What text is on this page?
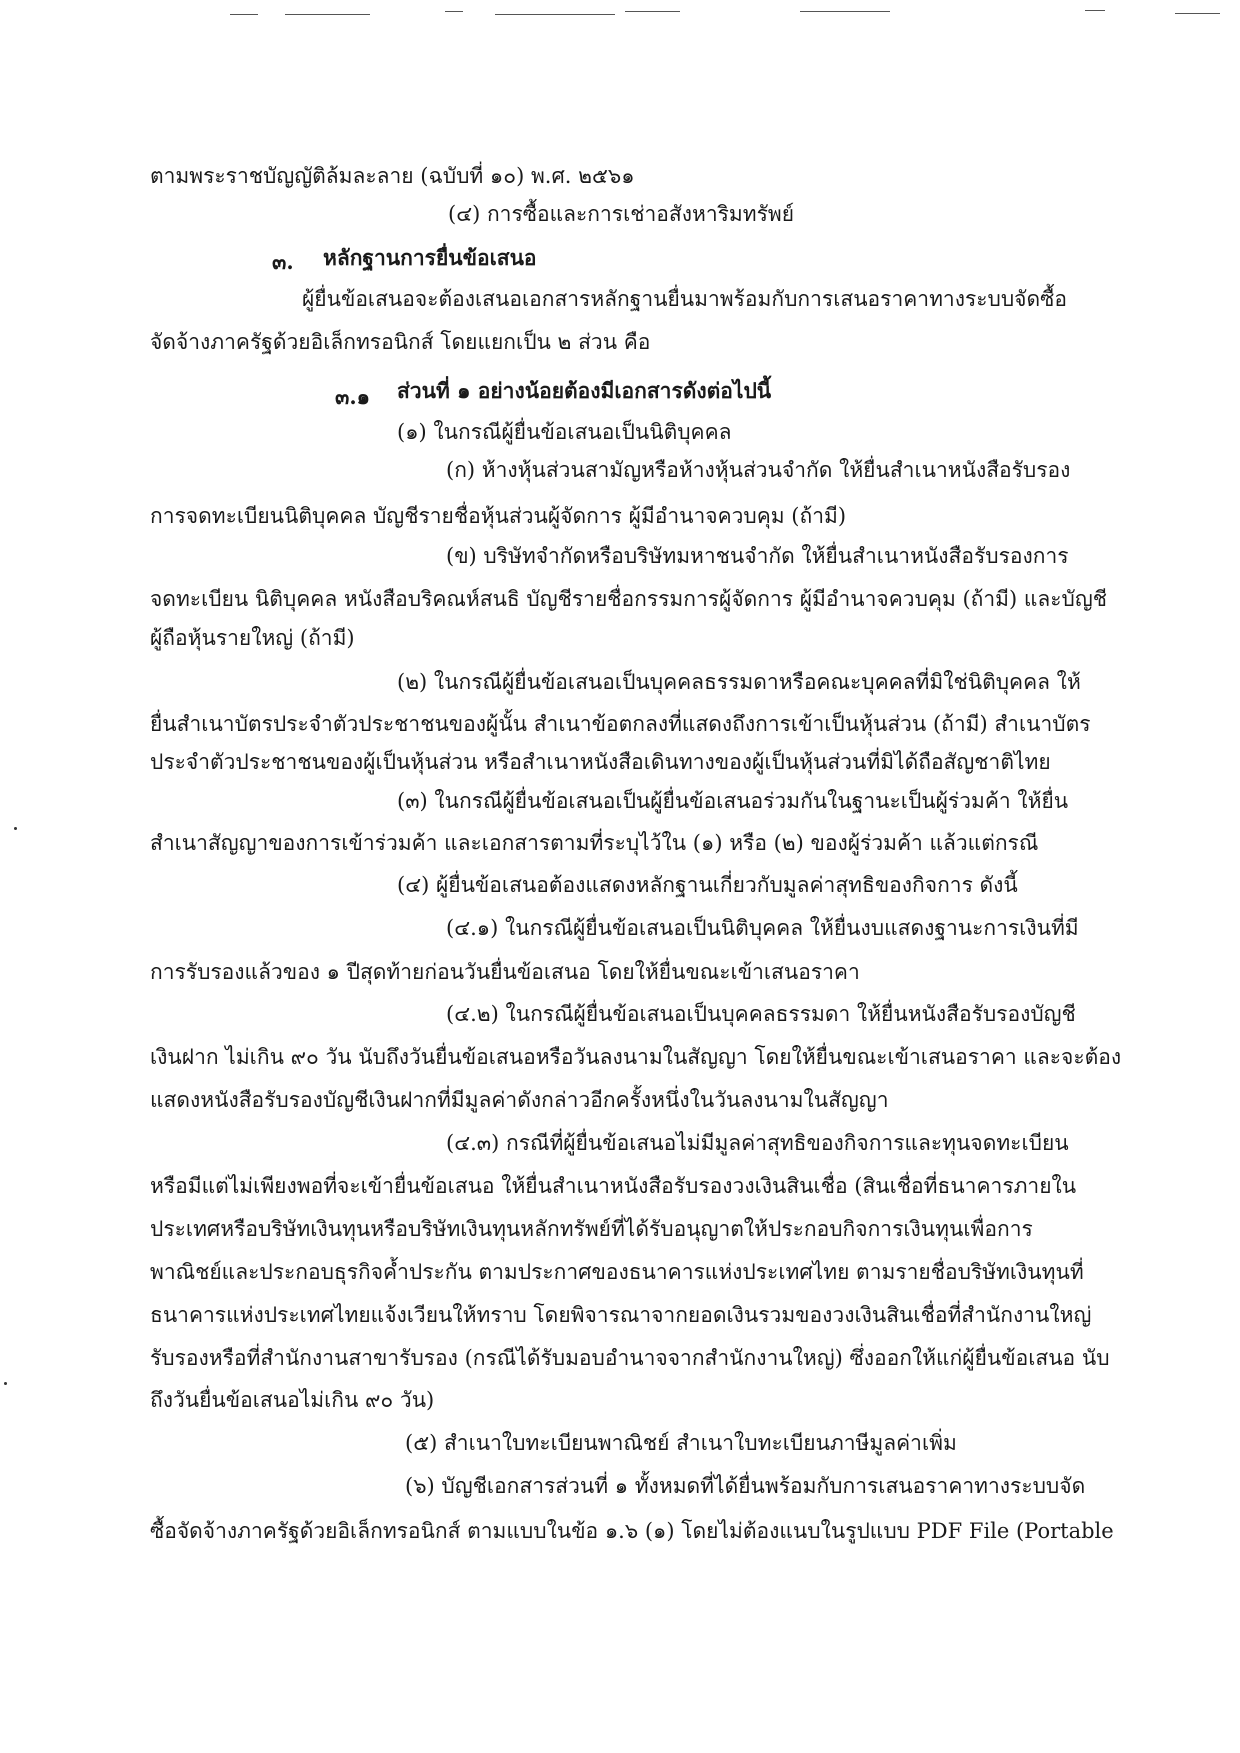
ตามพระราชบัญญัติล้มละลาย (ฉบับที่ ๑๐) พ.ศ. ๒๕๖๑
(๔) การซื้อและการเช่าอสังหาริมทรัพย์
๓. หลักฐานการยื่นข้อเสนอ
ผู้ยื่นข้อเสนอจะต้องเสนอเอกสารหลักฐานยื่นมาพร้อมกับการเสนอราคาทางระบบจัดซื้อ
จัดจ้างภาครัฐด้วยอิเล็กทรอนิกส์ โดยแยกเป็น ๒ ส่วน คือ
๓.๑ ส่วนที่ ๑ อย่างน้อยต้องมีเอกสารดังต่อไปนี้
(๑) ในกรณีผู้ยื่นข้อเสนอเป็นนิติบุคคล
(ก) ห้างหุ้นส่วนสามัญหรือห้างหุ้นส่วนจำกัด ให้ยื่นสำเนาหนังสือรับรอง
การจดทะเบียนนิติบุคคล บัญชีรายชื่อหุ้นส่วนผู้จัดการ ผู้มีอำนาจควบคุม (ถ้ามี)
(ข) บริษัทจำกัดหรือบริษัทมหาชนจำกัด ให้ยื่นสำเนาหนังสือรับรองการ
จดทะเบียน นิติบุคคล หนังสือบริคณห์สนธิ บัญชีรายชื่อกรรมการผู้จัดการ ผู้มีอำนาจควบคุม (ถ้ามี) และบัญชี
ผู้ถือหุ้นรายใหญ่ (ถ้ามี)
(๒) ในกรณีผู้ยื่นข้อเสนอเป็นบุคคลธรรมดาหรือคณะบุคคลที่มิใช่นิติบุคคล ให้
ยื่นสำเนาบัตรประจำตัวประชาชนของผู้นั้น สำเนาข้อตกลงที่แสดงถึงการเข้าเป็นหุ้นส่วน (ถ้ามี) สำเนาบัตร
ประจำตัวประชาชนของผู้เป็นหุ้นส่วน หรือสำเนาหนังสือเดินทางของผู้เป็นหุ้นส่วนที่มิได้ถือสัญชาติไทย
(๓) ในกรณีผู้ยื่นข้อเสนอเป็นผู้ยื่นข้อเสนอร่วมกันในฐานะเป็นผู้ร่วมค้า ให้ยื่น
สำเนาสัญญาของการเข้าร่วมค้า และเอกสารตามที่ระบุไว้ใน (๑) หรือ (๒) ของผู้ร่วมค้า แล้วแต่กรณี
(๔) ผู้ยื่นข้อเสนอต้องแสดงหลักฐานเกี่ยวกับมูลค่าสุทธิของกิจการ ดังนี้
(๔.๑) ในกรณีผู้ยื่นข้อเสนอเป็นนิติบุคคล ให้ยื่นงบแสดงฐานะการเงินที่มี
การรับรองแล้วของ ๑ ปีสุดท้ายก่อนวันยื่นข้อเสนอ โดยให้ยื่นขณะเข้าเสนอราคา
(๔.๒) ในกรณีผู้ยื่นข้อเสนอเป็นบุคคลธรรมดา ให้ยื่นหนังสือรับรองบัญชี
เงินฝาก ไม่เกิน ๙๐ วัน นับถึงวันยื่นข้อเสนอหรือวันลงนามในสัญญา โดยให้ยื่นขณะเข้าเสนอราคา และจะต้อง
แสดงหนังสือรับรองบัญชีเงินฝากที่มีมูลค่าดังกล่าวอีกครั้งหนึ่งในวันลงนามในสัญญา
(๔.๓) กรณีที่ผู้ยื่นข้อเสนอไม่มีมูลค่าสุทธิของกิจการและทุนจดทะเบียน
หรือมีแต่ไม่เพียงพอที่จะเข้ายื่นข้อเสนอ ให้ยื่นสำเนาหนังสือรับรองวงเงินสินเชื่อ (สินเชื่อที่ธนาคารภายใน
ประเทศหรือบริษัทเงินทุนหรือบริษัทเงินทุนหลักทรัพย์ที่ได้รับอนุญาตให้ประกอบกิจการเงินทุนเพื่อการ
พาณิชย์และประกอบธุรกิจค้ำประกัน ตามประกาศของธนาคารแห่งประเทศไทย ตามรายชื่อบริษัทเงินทุนที่
ธนาคารแห่งประเทศไทยแจ้งเวียนให้ทราบ โดยพิจารณาจากยอดเงินรวมของวงเงินสินเชื่อที่สำนักงานใหญ่
รับรองหรือที่สำนักงานสาขารับรอง (กรณีได้รับมอบอำนาจจากสำนักงานใหญ่) ซึ่งออกให้แก่ผู้ยื่นข้อเสนอ นับ
ถึงวันยื่นข้อเสนอไม่เกิน ๙๐ วัน)
(๕) สำเนาใบทะเบียนพาณิชย์ สำเนาใบทะเบียนภาษีมูลค่าเพิ่ม
(๖) บัญชีเอกสารส่วนที่ ๑ ทั้งหมดที่ได้ยื่นพร้อมกับการเสนอราคาทางระบบจัด
ซื้อจัดจ้างภาครัฐด้วยอิเล็กทรอนิกส์ ตามแบบในข้อ ๑.๖ (๑) โดยไม่ต้องแนบในรูปแบบ PDF File (Portable
